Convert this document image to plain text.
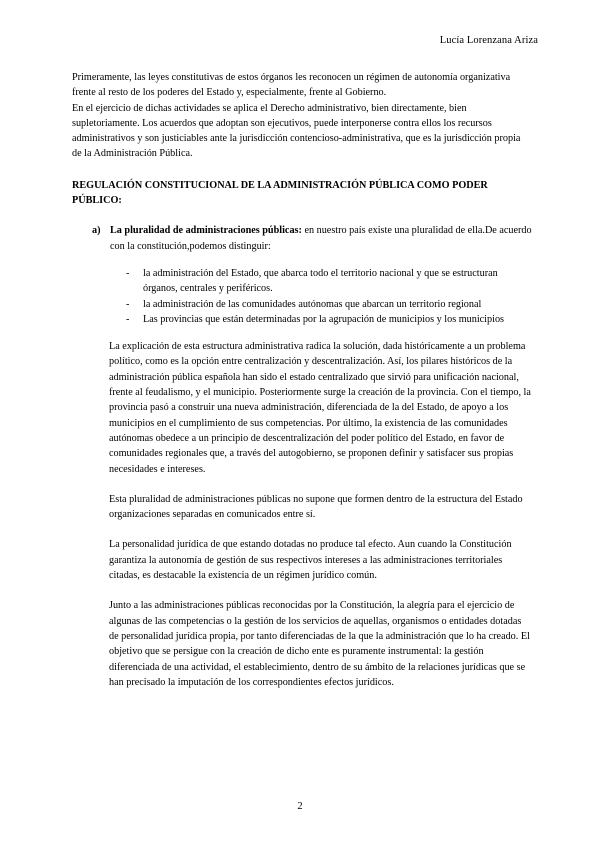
Lucía Lorenzana Ariza

Primeramente, las leyes constitutivas de estos órganos les reconocen un régimen de autonomía organizativa frente al resto de los poderes del Estado y, especialmente, frente al Gobierno.

En el ejercicio de dichas actividades se aplica el Derecho administrativo, bien directamente, bien supletoriamente. Los acuerdos que adoptan son ejecutivos, puede interponerse contra ellos los recursos administrativos y son justiciables ante la jurisdicción contencioso-administrativa, que es la jurisdicción propia de la Administración Pública.

REGULACIÓN CONSTITUCIONAL DE LA ADMINISTRACIÓN PÚBLICA COMO PODER PÚBLICO:

a) La pluralidad de administraciones públicas: en nuestro país existe una pluralidad de ella.De acuerdo con la constitución,podemos distinguir:
- la administración del Estado, que abarca todo el territorio nacional y que se estructuran órganos, centrales y periféricos.
- la administración de las comunidades autónomas que abarcan un territorio regional
- Las provincias que están determinadas por la agrupación de municipios y los municipios

La explicación de esta estructura administrativa radica la solución, dada históricamente a un problema político, como es la opción entre centralización y descentralización. Así, los pilares históricos de la administración pública española han sido el estado centralizado que sirvió para unificación nacional, frente al feudalismo, y el municipio. Posteriormente surge la creación de la provincia. Con el tiempo, la provincia pasó a construir una nueva administración, diferenciada de la del Estado, de apoyo a los municipios en el cumplimiento de sus competencias. Por último, la existencia de las comunidades autónomas obedece a un principio de descentralización del poder político del Estado, en favor de comunidades regionales que, a través del autogobierno, se proponen definir y satisfacer sus propias necesidades e intereses.

Esta pluralidad de administraciones públicas no supone que formen dentro de la estructura del Estado organizaciones separadas en comunicados entre sí.

La personalidad jurídica de que estando dotadas no produce tal efecto. Aun cuando la Constitución garantiza la autonomía de gestión de sus respectivos intereses a las administraciones territoriales citadas, es destacable la existencia de un régimen jurídico común.

Junto a las administraciones públicas reconocidas por la Constitución, la alegría para el ejercicio de algunas de las competencias o la gestión de los servicios de aquellas, organismos o entidades dotadas de personalidad jurídica propia, por tanto diferenciadas de la que la administración que lo ha creado. El objetivo que se persigue con la creación de dicho ente es puramente instrumental: la gestión diferenciada de una actividad, el establecimiento, dentro de su ámbito de la relaciones jurídicas que se han precisado la imputación de los correspondientes efectos jurídicos.

2
